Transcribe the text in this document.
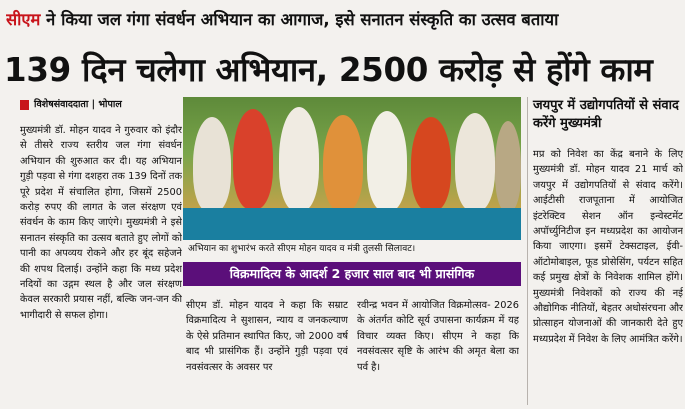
सीएम ने किया जल गंगा संवर्धन अभियान का आगाज, इसे सनातन संस्कृति का उत्सव बताया
139 दिन चलेगा अभियान, 2500 करोड़ से होंगे काम
विशेषसंवाददाता | भोपाल
मुख्यमंत्री डॉ. मोहन यादव ने गुरुवार को इंदौर से तीसरे राज्य स्तरीय जल गंगा संवर्धन अभियान की शुरुआत कर दी। यह अभियान गुड़ी पड़वा से गंगा दशहरा तक 139 दिनों तक पूरे प्रदेश में संचालित होगा, जिसमें 2500 करोड़ रुपए की लागत के जल संरक्षण एवं संवर्धन के काम किए जाएंगे। मुख्यमंत्री ने इसे सनातन संस्कृति का उत्सव बताते हुए लोगों को पानी का अपव्यय रोकने और हर बूंद सहेजने की शपथ दिलाई। उन्होंने कहा कि मध्य प्रदेश नदियों का उद्गम स्थल है और जल संरक्षण केवल सरकारी प्रयास नहीं, बल्कि जन-जन की भागीदारी से सफल होगा।
अभियान का शुभारंभ करते सीएम मोहन यादव व मंत्री तुलसी सिलावट।
विक्रमादित्य के आदर्श 2 हजार साल बाद भी प्रासंगिक
सीएम डॉ. मोहन यादव ने कहा कि सम्राट विक्रमादित्य ने सुशासन, न्याय व जनकल्याण के ऐसे प्रतिमान स्थापित किए, जो 2000 वर्ष बाद भी प्रासंगिक हैं। उन्होंने गुड़ी पड़वा एवं नवसंवत्सर के अवसर पर
रवीन्द्र भवन में आयोजित विक्रमोत्सव- 2026 के अंतर्गत कोटि सूर्य उपासना कार्यक्रम में यह विचार व्यक्त किए। सीएम ने कहा कि नवसंवत्सर सृष्टि के आरंभ की अमृत बेला का पर्व है।
जयपुर में उद्योगपतियों से संवाद करेंगे मुख्यमंत्री
मप्र को निवेश का केंद्र बनाने के लिए मुख्यमंत्री डॉ. मोहन यादव 21 मार्च को जयपुर में उद्योगपतियों से संवाद करेंगे। आईटीसी राजपूताना में आयोजित इंटरेक्टिव सेशन ऑन इन्वेस्टमेंट अपॉर्च्युनिटीज इन मध्यप्रदेश का आयोजन किया जाएगा। इसमें टेक्सटाइल, ईवी-ऑटोमोबाइल, फूड प्रोसेसिंग, पर्यटन सहित कई प्रमुख क्षेत्रों के निवेशक शामिल होंगे। मुख्यमंत्री निवेशकों को राज्य की नई औद्योगिक नीतियों, बेहतर अधोसंरचना और प्रोत्साहन योजनाओं की जानकारी देते हुए मध्यप्रदेश में निवेश के लिए आमंत्रित करेंगे।
